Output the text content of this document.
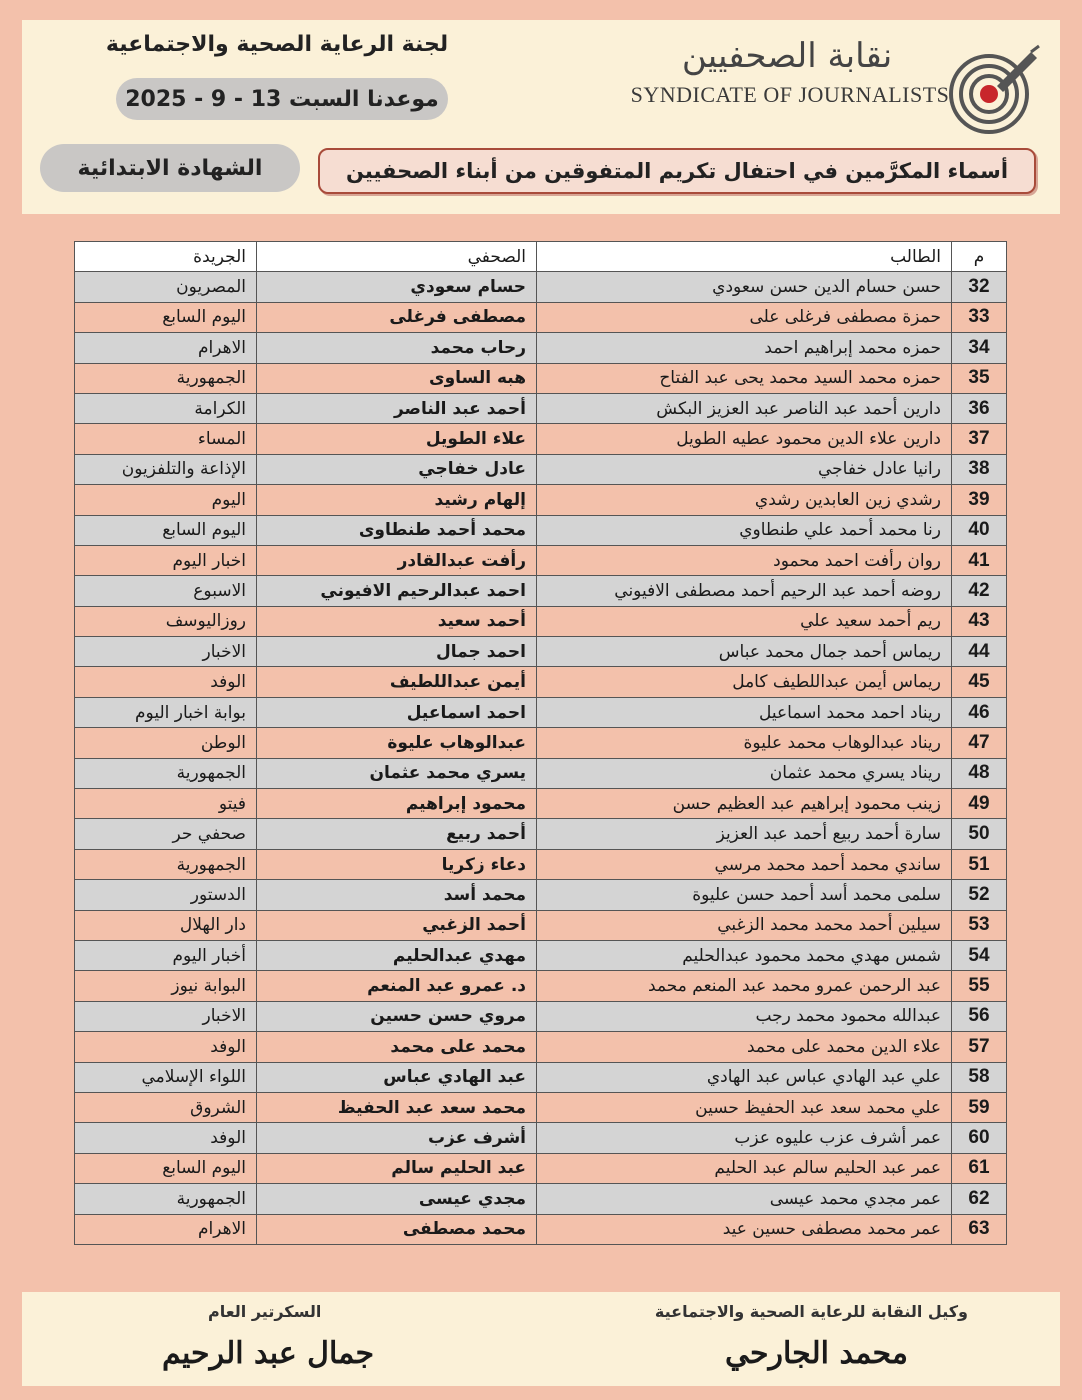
نقابة الصحفيين
SYNDICATE OF JOURNALISTS
لجنة الرعاية الصحية والاجتماعية
موعدنا السبت 13 - 9 - 2025
الشهادة الابتدائية	أسماء المكرَّمين في احتفال تكريم المتفوقين من أبناء الصحفيين
م	الطالب	الصحفي	الجريدة
32	حسن حسام الدين حسن سعودي	حسام سعودي	المصريون
33	حمزة مصطفى فرغلى على	مصطفى فرغلى	اليوم السابع
34	حمزه محمد إبراهيم احمد	رحاب محمد	الاهرام
35	حمزه محمد السيد محمد يحى عبد الفتاح	هبه الساوى	الجمهورية
36	دارين أحمد عبد الناصر عبد العزيز البكش	أحمد عبد الناصر	الكرامة
37	دارين علاء الدين محمود عطيه الطويل	علاء الطويل	المساء
38	رانيا عادل خفاجي	عادل خفاجي	الإذاعة والتلفزيون
39	رشدي زين العابدين رشدي	إلهام رشيد	اليوم
40	رنا محمد أحمد علي طنطاوي	محمد أحمد طنطاوى	اليوم السابع
41	روان رأفت احمد محمود	رأفت عبدالقادر	اخبار اليوم
42	روضه أحمد عبد الرحيم أحمد مصطفى الافيوني	احمد عبدالرحيم الافيوني	الاسبوع
43	ريم أحمد سعيد علي	أحمد سعيد	روزاليوسف
44	ريماس أحمد جمال محمد عباس	احمد جمال	الاخبار
45	ريماس أيمن عبداللطيف كامل	أيمن عبداللطيف	الوفد
46	ريناد احمد محمد اسماعيل	احمد اسماعيل	بوابة اخبار اليوم
47	ريناد عبدالوهاب محمد عليوة	عبدالوهاب عليوة	الوطن
48	ريناد يسري محمد عثمان	يسري محمد عثمان	الجمهورية
49	زينب محمود إبراهيم عبد العظيم حسن	محمود إبراهيم	فيتو
50	سارة أحمد ربيع أحمد عبد العزيز	أحمد ربيع	صحفي حر
51	ساندي محمد أحمد محمد مرسي	دعاء زكريا	الجمهورية
52	سلمى محمد أسد أحمد حسن عليوة	محمد أسد	الدستور
53	سيلين أحمد محمد محمد الزغبي	أحمد الزغبي	دار الهلال
54	شمس مهدي محمد محمود عبدالحليم	مهدي عبدالحليم	أخبار اليوم
55	عبد الرحمن عمرو محمد عبد المنعم محمد	د. عمرو عبد المنعم	البوابة نيوز
56	عبدالله محمود محمد رجب	مروي حسن حسين	الاخبار
57	علاء الدين محمد على محمد	محمد على محمد	الوفد
58	علي عبد الهادي عباس عبد الهادي	عبد الهادي عباس	اللواء الإسلامي
59	علي محمد سعد عبد الحفيظ حسين	محمد سعد عبد الحفيظ	الشروق
60	عمر أشرف عزب عليوه عزب	أشرف عزب	الوفد
61	عمر عبد الحليم سالم عبد الحليم	عبد الحليم سالم	اليوم السابع
62	عمر مجدي محمد عيسى	مجدي عيسى	الجمهورية
63	عمر محمد مصطفى حسين عيد	محمد مصطفى	الاهرام
وكيل النقابة للرعاية الصحية والاجتماعية
محمد الجارحي
السكرتير العام
جمال عبد الرحيم
